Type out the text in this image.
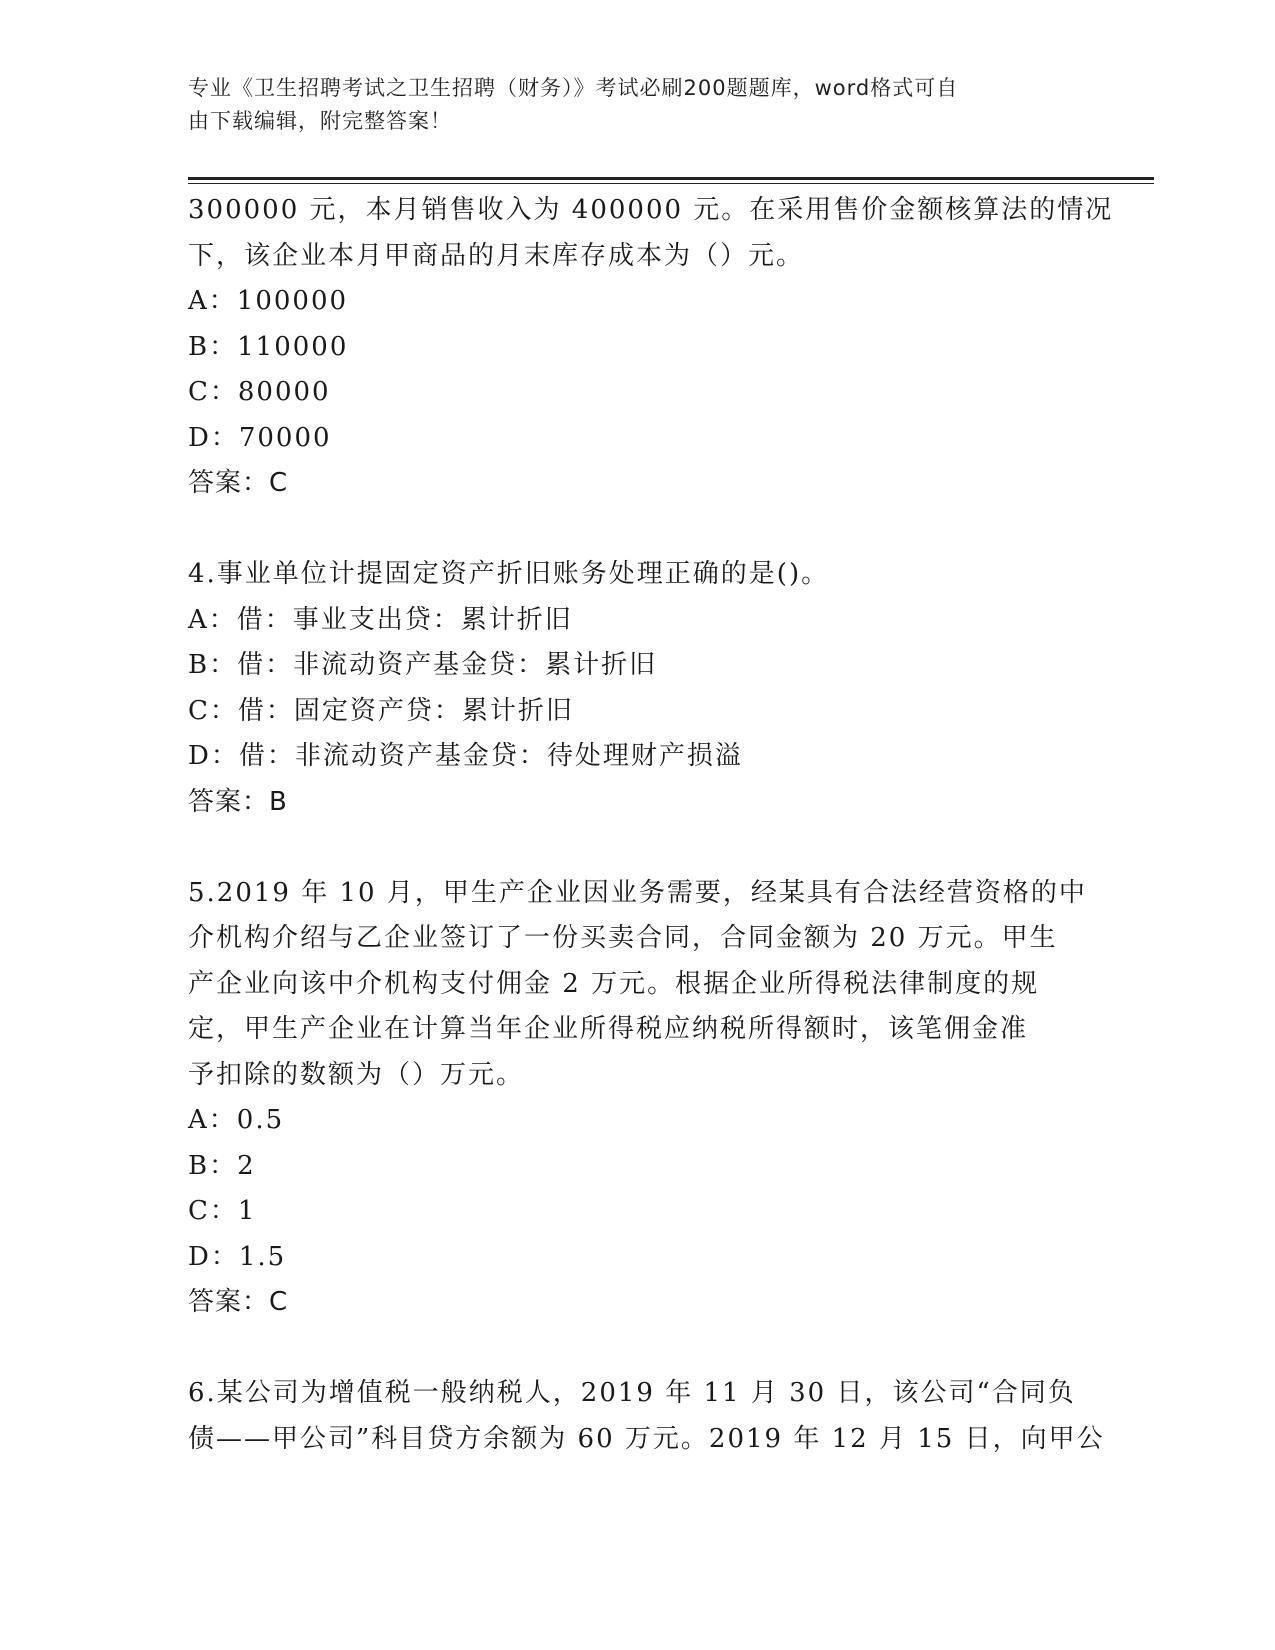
专业《卫生招聘考试之卫生招聘（财务）》考试必刷200题题库，word格式可自
由下载编辑，附完整答案！
300000 元，本月销售收入为 400000 元。在采用售价金额核算法的情况
下，该企业本月甲商品的月末库存成本为（）元。
A：100000
B：110000
C：80000
D：70000
答案：C
4.事业单位计提固定资产折旧账务处理正确的是()。
A：借：事业支出贷：累计折旧
B：借：非流动资产基金贷：累计折旧
C：借：固定资产贷：累计折旧
D：借：非流动资产基金贷：待处理财产损溢
答案：B
5.2019 年 10 月，甲生产企业因业务需要，经某具有合法经营资格的中
介机构介绍与乙企业签订了一份买卖合同，合同金额为 20 万元。甲生
产企业向该中介机构支付佣金 2 万元。根据企业所得税法律制度的规
定，甲生产企业在计算当年企业所得税应纳税所得额时，该笔佣金准
予扣除的数额为（）万元。
A：0.5
B：2
C：1
D：1.5
答案：C
6.某公司为增值税一般纳税人，2019 年 11 月 30 日，该公司“合同负
债——甲公司”科目贷方余额为 60 万元。2019 年 12 月 15 日，向甲公
